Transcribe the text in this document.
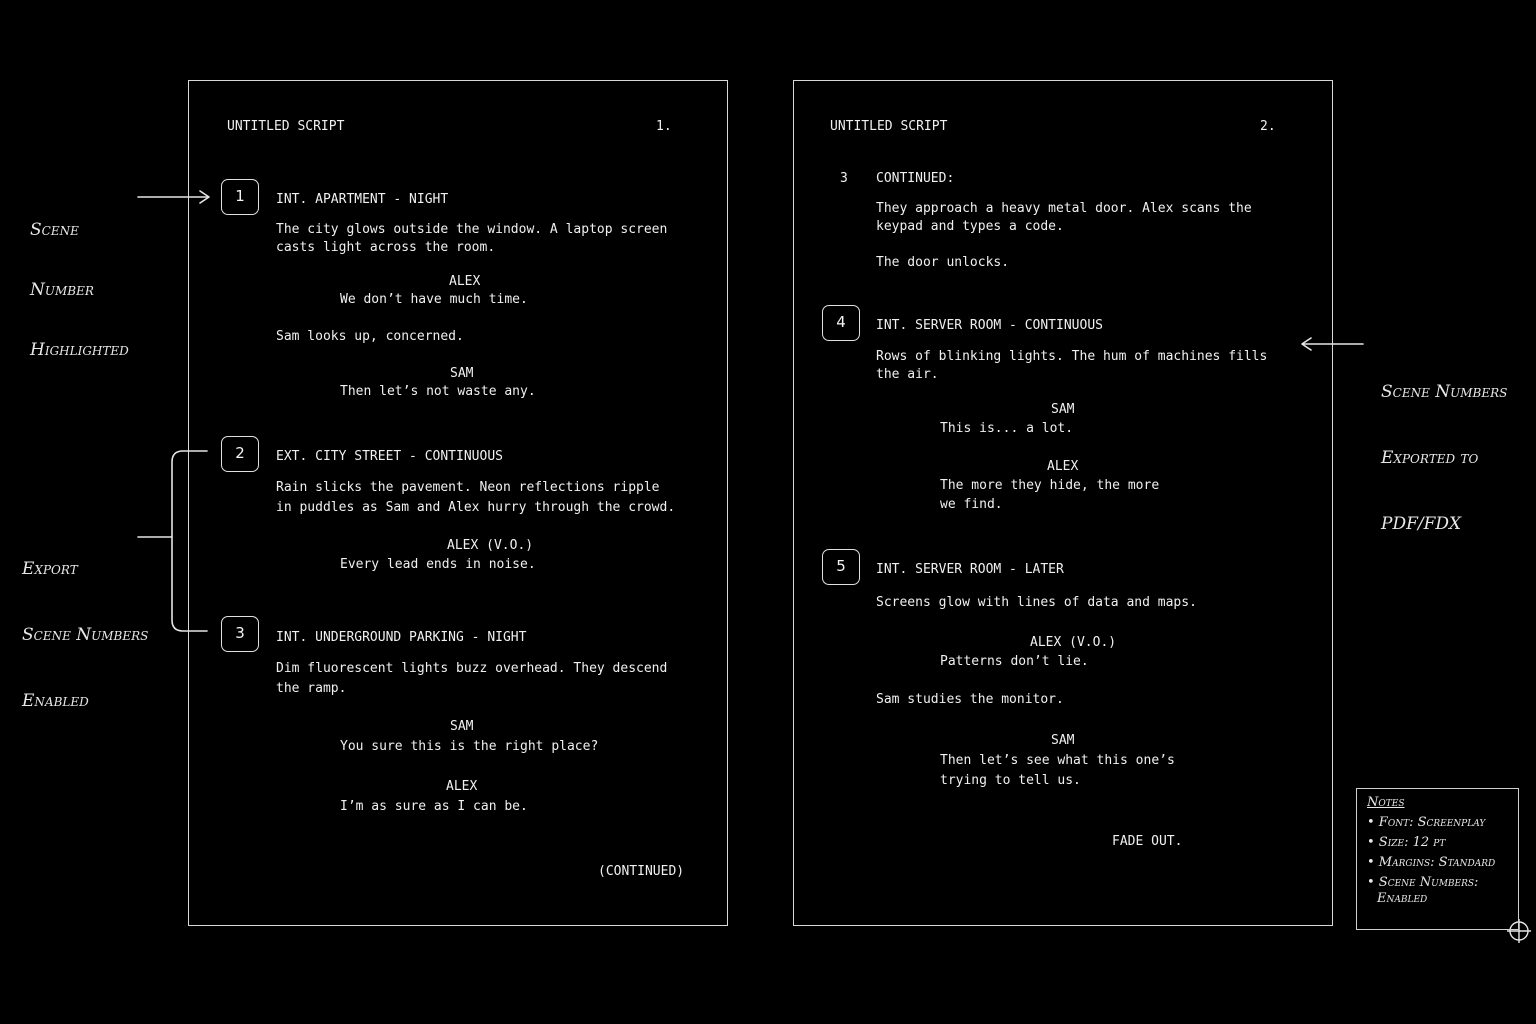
UNTITLED SCRIPT	1.
1	INT. APARTMENT - NIGHT
The city glows outside the window. A laptop screen
casts light across the room.
ALEX
We don’t have much time.
Sam looks up, concerned.
SAM
Then let’s not waste any.
2	EXT. CITY STREET - CONTINUOUS
Rain slicks the pavement. Neon reflections ripple
in puddles as Sam and Alex hurry through the crowd.
ALEX (V.O.)
Every lead ends in noise.
3	INT. UNDERGROUND PARKING - NIGHT
Dim fluorescent lights buzz overhead. They descend
the ramp.
SAM
You sure this is the right place?
ALEX
I’m as sure as I can be.
(CONTINUED)
UNTITLED SCRIPT	2.
3 CONTINUED:
They approach a heavy metal door. Alex scans the
keypad and types a code.
The door unlocks.
4	INT. SERVER ROOM - CONTINUOUS
Rows of blinking lights. The hum of machines fills
the air.
SAM
This is... a lot.
ALEX
The more they hide, the more
we find.
5	INT. SERVER ROOM - LATER
Screens glow with lines of data and maps.
ALEX (V.O.)
Patterns don’t lie.
Sam studies the monitor.
SAM
Then let’s see what this one’s
trying to tell us.
FADE OUT.

Scene

Number

Highlighted

Export

Scene Numbers

Enabled

Scene Numbers

Exported to

PDF/FDX

Notes
• Font: Screenplay
• Size: 12 pt
• Margins: Standard
• Scene Numbers: Enabled
